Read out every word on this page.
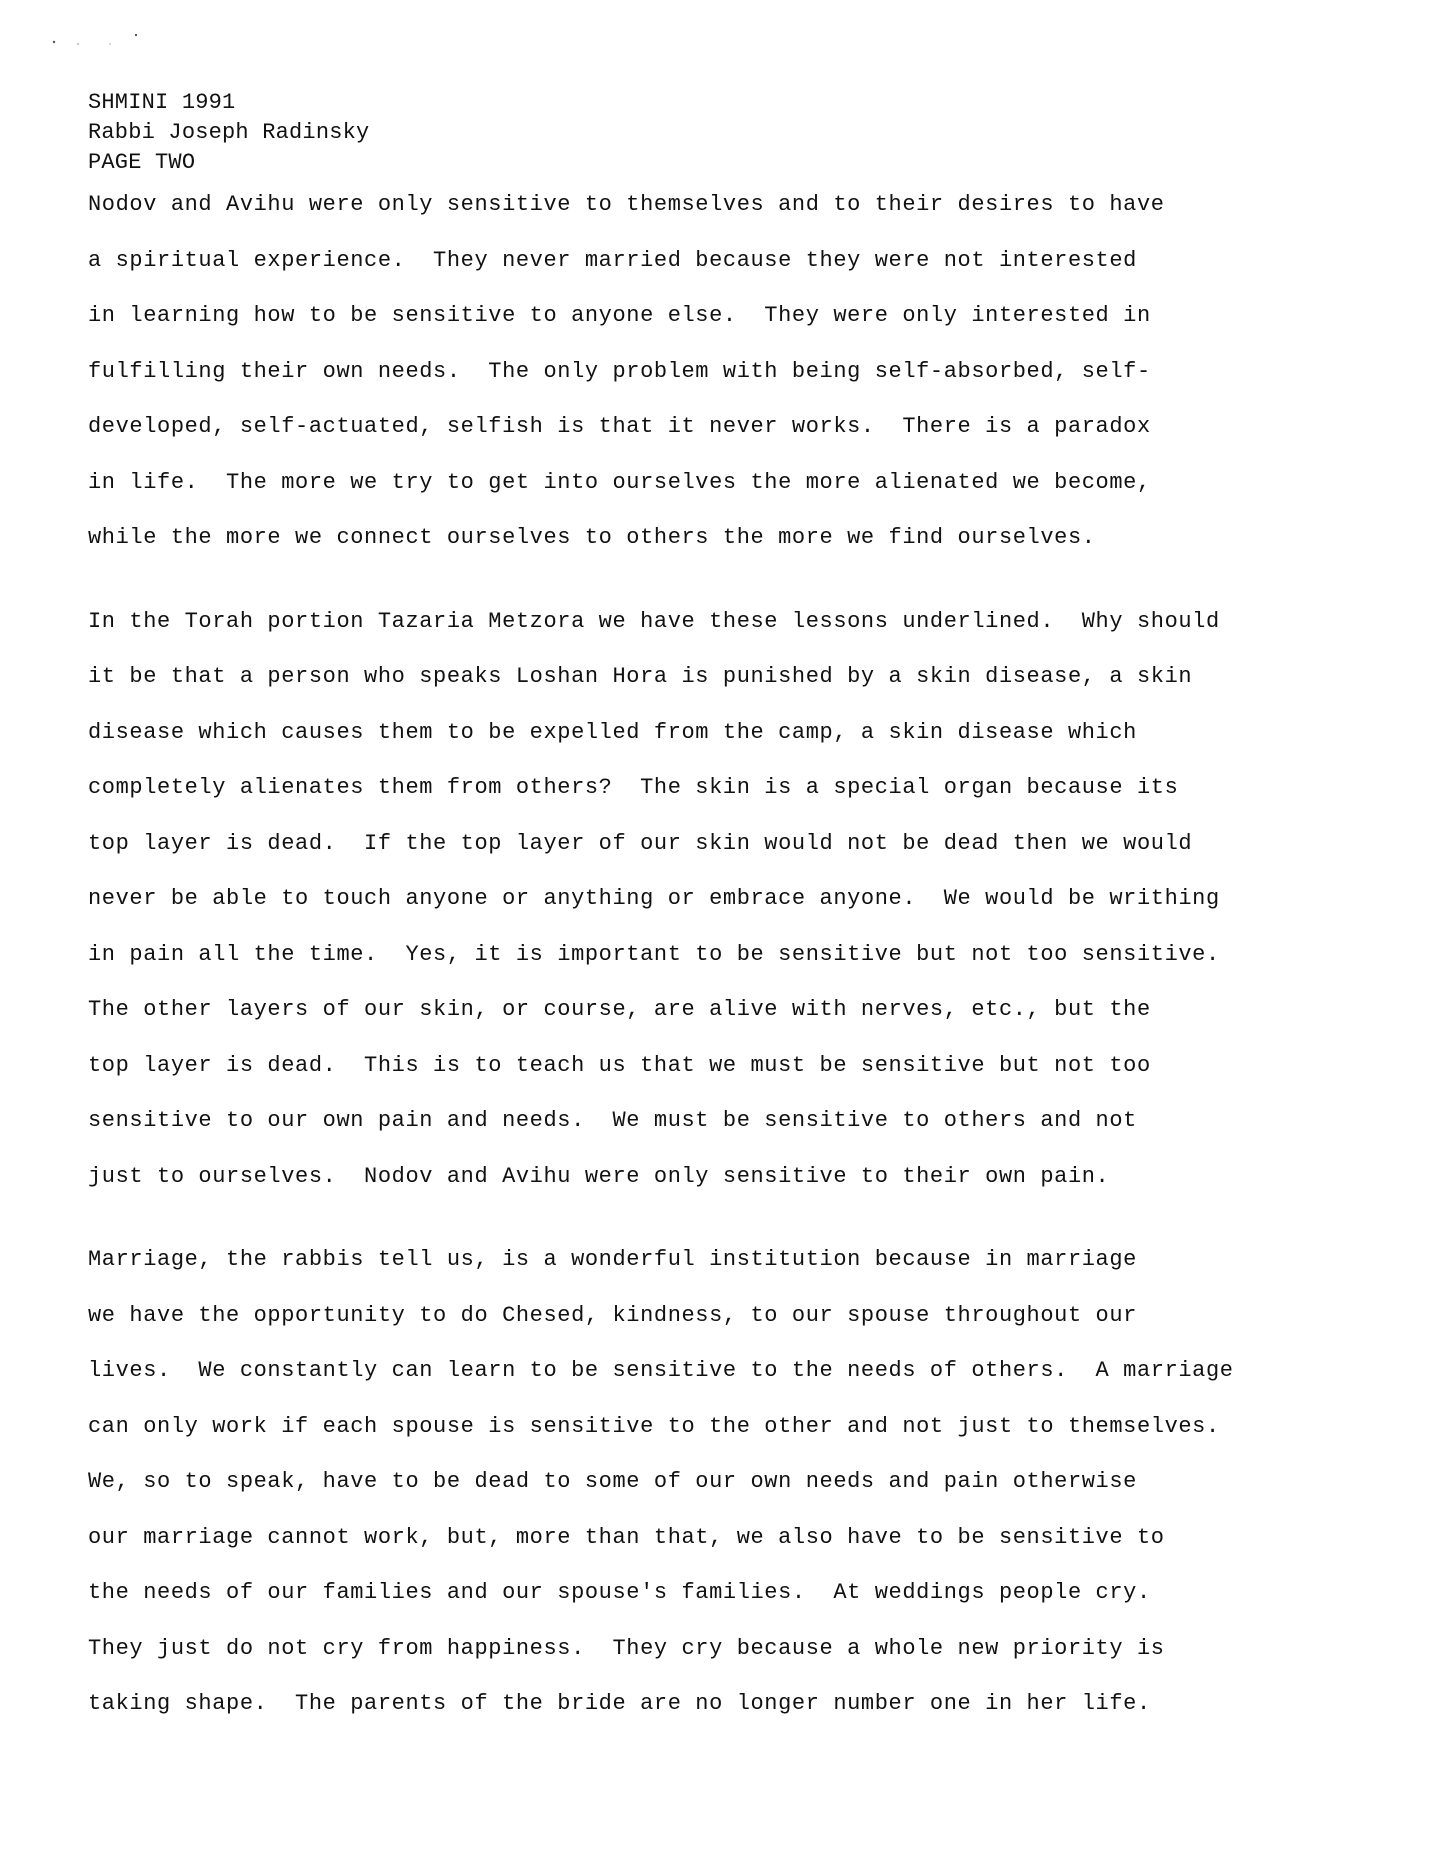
SHMINI 1991
Rabbi Joseph Radinsky
PAGE TWO
Nodov and Avihu were only sensitive to themselves and to their desires to have
a spiritual experience.  They never married because they were not interested
in learning how to be sensitive to anyone else.  They were only interested in
fulfilling their own needs.  The only problem with being self-absorbed, self-
developed, self-actuated, selfish is that it never works.  There is a paradox
in life.  The more we try to get into ourselves the more alienated we become,
while the more we connect ourselves to others the more we find ourselves.
In the Torah portion Tazaria Metzora we have these lessons underlined.  Why should
it be that a person who speaks Loshan Hora is punished by a skin disease, a skin
disease which causes them to be expelled from the camp, a skin disease which
completely alienates them from others?  The skin is a special organ because its
top layer is dead.  If the top layer of our skin would not be dead then we would
never be able to touch anyone or anything or embrace anyone.  We would be writhing
in pain all the time.  Yes, it is important to be sensitive but not too sensitive.
The other layers of our skin, or course, are alive with nerves, etc., but the
top layer is dead.  This is to teach us that we must be sensitive but not too
sensitive to our own pain and needs.  We must be sensitive to others and not
just to ourselves.  Nodov and Avihu were only sensitive to their own pain.
Marriage, the rabbis tell us, is a wonderful institution because in marriage
we have the opportunity to do Chesed, kindness, to our spouse throughout our
lives.  We constantly can learn to be sensitive to the needs of others.  A marriage
can only work if each spouse is sensitive to the other and not just to themselves.
We, so to speak, have to be dead to some of our own needs and pain otherwise
our marriage cannot work, but, more than that, we also have to be sensitive to
the needs of our families and our spouse's families.  At weddings people cry.
They just do not cry from happiness.  They cry because a whole new priority is
taking shape.  The parents of the bride are no longer number one in her life.
